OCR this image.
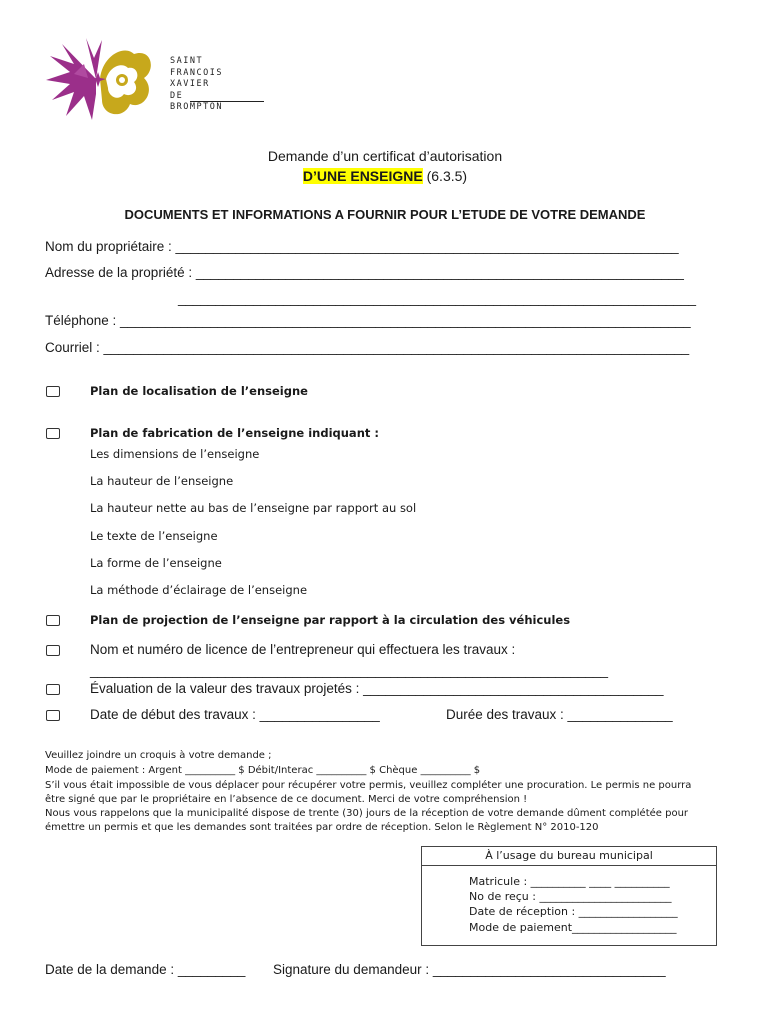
SAINT
FRANCOIS
XAVIER
DE
BROMPTON
Demande d’un certificat d’autorisation
D’UNE ENSEIGNE (6.3.5)
DOCUMENTS ET INFORMATIONS A FOURNIR POUR L’ETUDE DE VOTRE DEMANDE
Nom du propriétaire : ___________________________________________________________________
Adresse de la propriété : _________________________________________________________________
_____________________________________________________________________
Téléphone : ____________________________________________________________________________
Courriel : ______________________________________________________________________________
Plan de localisation de l’enseigne
Plan de fabrication de l’enseigne indiquant :
Les dimensions de l’enseigne
La hauteur de l’enseigne
La hauteur nette au bas de l’enseigne par rapport au sol
Le texte de l’enseigne
La forme de l’enseigne
La méthode d’éclairage de l’enseigne
Plan de projection de l’enseigne par rapport à la circulation des véhicules
Nom et numéro de licence de l’entrepreneur qui effectuera les travaux :
_____________________________________________________________________
Évaluation de la valeur des travaux projetés : ________________________________________
Date de début des travaux : ________________	Durée des travaux : ______________
Veuillez joindre un croquis à votre demande ;
Mode de paiement : Argent __________ $ Débit/Interac __________ $ Chèque __________ $
S’il vous était impossible de vous déplacer pour récupérer votre permis, veuillez compléter une procuration. Le permis ne pourra
être signé que par le propriétaire en l’absence de ce document. Merci de votre compréhension !
Nous vous rappelons que la municipalité dispose de trente (30) jours de la réception de votre demande dûment complétée pour
émettre un permis et que les demandes sont traitées par ordre de réception. Selon le Règlement N° 2010-120
À l’usage du bureau municipal
Matricule : __________ ____ __________
No de reçu : ________________________
Date de réception : __________________
Mode de paiement___________________
Date de la demande : _________ Signature du demandeur : _______________________________
